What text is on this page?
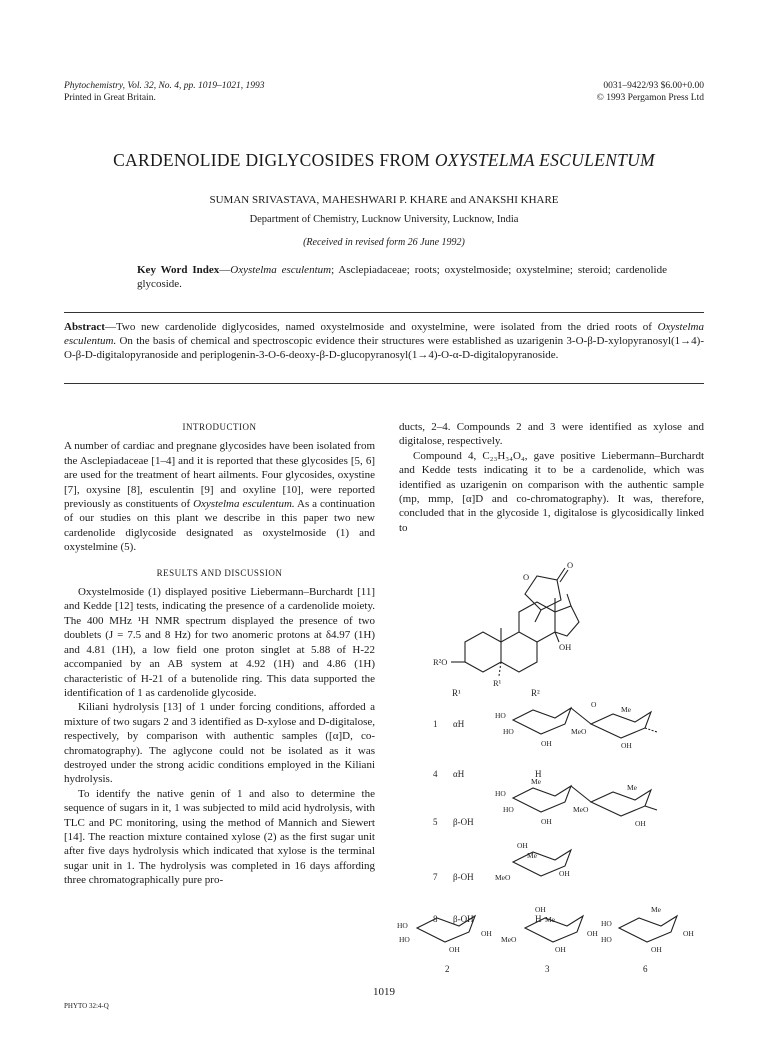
Phytochemistry, Vol. 32, No. 4, pp. 1019–1021, 1993
Printed in Great Britain.
0031–9422/93 $6.00+0.00
© 1993 Pergamon Press Ltd
CARDENOLIDE DIGLYCOSIDES FROM OXYSTELMA ESCULENTUM
SUMAN SRIVASTAVA, MAHESHWARI P. KHARE and ANAKSHI KHARE
Department of Chemistry, Lucknow University, Lucknow, India
(Received in revised form 26 June 1992)
Key Word Index—Oxystelma esculentum; Asclepiadaceae; roots; oxystelmoside; oxystelmine; steroid; cardenolide glycoside.
Abstract—Two new cardenolide diglycosides, named oxystelmoside and oxystelmine, were isolated from the dried roots of Oxystelma esculentum. On the basis of chemical and spectroscopic evidence their structures were established as uzarigenin 3-O-β-D-xylopyranosyl(1→4)-O-β-D-digitalopyranoside and periplogenin-3-O-6-deoxy-β-D-glucopyranosyl(1→4)-O-α-D-digitalopyranoside.
INTRODUCTION

A number of cardiac and pregnane glycosides have been isolated from the Asclepiadaceae [1–4] and it is reported that these glycosides [5, 6] are used for the treatment of heart ailments. Four glycosides, oxystine [7], oxysine [8], esculentin [9] and oxyline [10], were reported previously as constituents of Oxystelma esculentum. As a continuation of our studies on this plant we describe in this paper two new cardenolide diglycoside designated as oxystelmoside (1) and oxystelmine (5).

RESULTS AND DISCUSSION

Oxystelmoside (1) displayed positive Liebermann–Burchardt [11] and Kedde [12] tests, indicating the presence of a cardenolide moiety. The 400 MHz ¹H NMR spectrum displayed the presence of two doublets (J = 7.5 and 8 Hz) for two anomeric protons at δ4.97 (1H) and 4.81 (1H), a low field one proton singlet at 5.88 of H-22 accompanied by an AB system at 4.92 (1H) and 4.86 (1H) characteristic of H-21 of a butenolide ring. This data supported the identification of 1 as cardenolide glycoside.

Kiliani hydrolysis [13] of 1 under forcing conditions, afforded a mixture of two sugars 2 and 3 identified as D-xylose and D-digitalose, respectively, by comparison with authentic samples ([α]D, co-chromatography). The aglycone could not be isolated as it was destroyed under the strong acidic conditions employed in the Kiliani hydrolysis.

To identify the native genin of 1 and also to determine the sequence of sugars in it, 1 was subjected to mild acid hydrolysis, with TLC and PC monitoring, using the method of Mannich and Siewert [14]. The reaction mixture contained xylose (2) as the first sugar unit after five days hydrolysis which indicated that xylose is the terminal sugar unit in 1. The hydrolysis was completed in 16 days affording three chromatographically pure pro-

ducts, 2–4. Compounds 2 and 3 were identified as xylose and digitalose, respectively.

Compound 4, C₂₃H₃₄O₄, gave positive Liebermann–Burchardt and Kedde tests indicating it to be a cardenolide, which was identified as uzarigenin on comparison with the authentic sample (mp, mmp, [α]D and co-chromatography). It was, therefore, concluded that in the glycoside 1, digitalose is glycosidically linked to

O
O
OH
R²O
R¹
R¹	R²
1 αH
4 αH	H
5 β-OH
7 β-OH
8 β-OH	H
HO
HO
OH
MeO
OH
Me
O
HO
HO
OH
Me
MeO
Me
OH
OH
Me
MeO	OH
HO
HO
OH
OH
OH
Me
MeO
OH
OH
Me
HO
HO
OH
OH
2	3	6
1019
PHYTO 32:4-Q
